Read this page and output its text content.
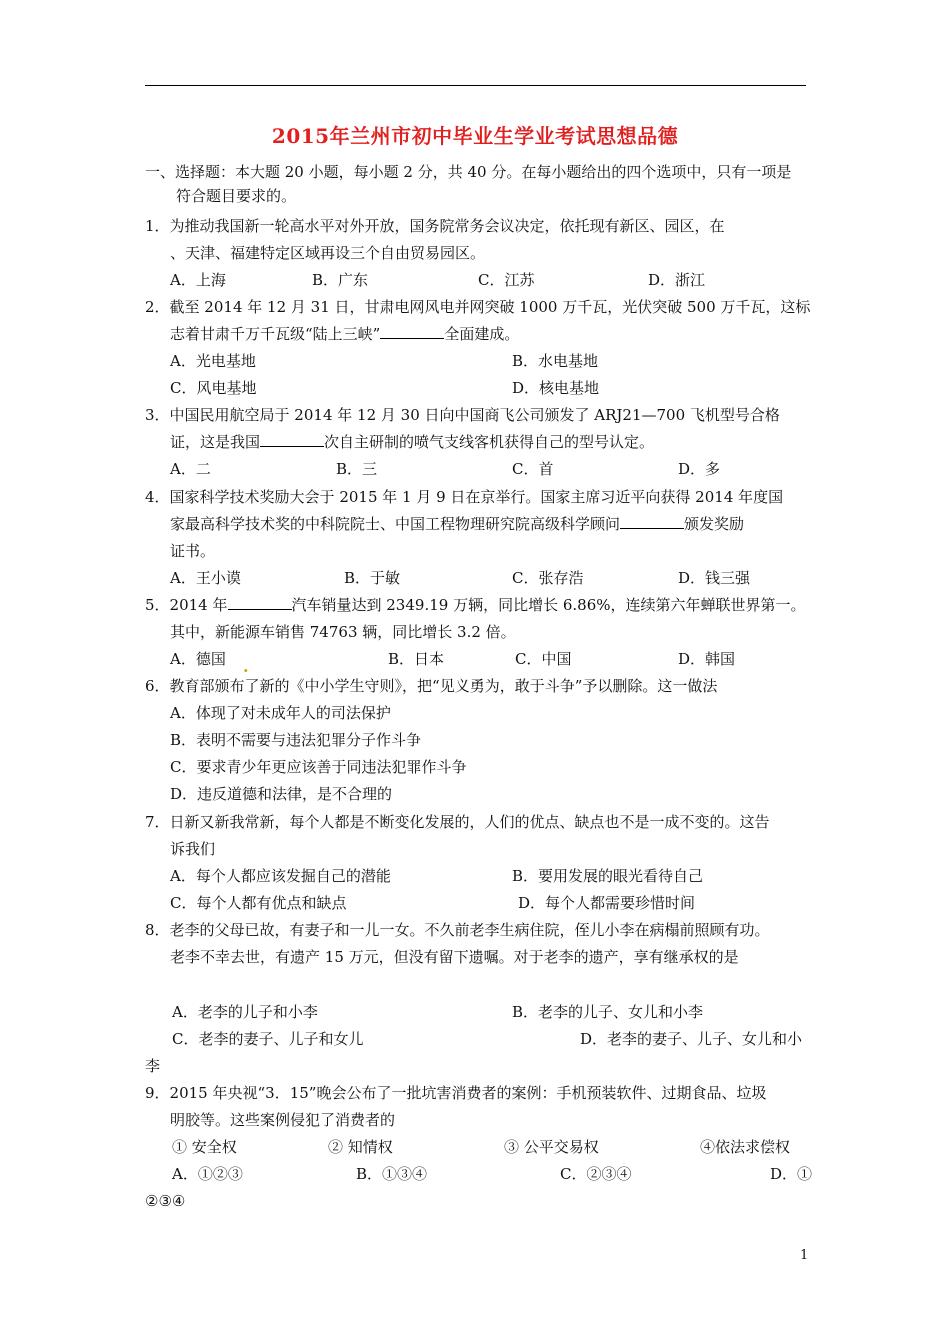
2015年兰州市初中毕业生学业考试思想品德
一、选择题：本大题 20 小题，每小题 2 分，共 40 分。在每小题给出的四个选项中，只有一项是
符合题目要求的。
1．为推动我国新一轮高水平对外开放，国务院常务会议决定，依托现有新区、园区，在
、天津、福建特定区域再设三个自由贸易园区。
A．上海	B．广东	C．江苏	D．浙江
2．截至 2014 年 12 月 31 日，甘肃电网风电并网突破 1000 万千瓦，光伏突破 500 万千瓦，这标
志着甘肃千万千瓦级“陆上三峡”	全面建成。
A．光电基地	B．水电基地
C．风电基地	D．核电基地
3．中国民用航空局于 2014 年 12 月 30 日向中国商飞公司颁发了 ARJ21—700 飞机型号合格
证，这是我国	次自主研制的喷气支线客机获得自己的型号认定。
A．二	B．三	C．首	D．多
4．国家科学技术奖励大会于 2015 年 1 月 9 日在京举行。国家主席习近平向获得 2014 年度国
家最高科学技术奖的中科院院士、中国工程物理研究院高级科学顾问	颁发奖励
证书。
A．王小谟	B．于敏	C．张存浩	D．钱三强
5．2014 年	汽车销量达到 2349.19 万辆，同比增长 6.86%，连续第六年蝉联世界第一。
其中，新能源车销售 74763 辆，同比增长 3.2 倍。
A．德国 .	B．日本	C．中国	D．韩国
6．教育部颁布了新的《中小学生守则》，把“见义勇为，敢于斗争”予以删除。这一做法
A．体现了对未成年人的司法保护
B．表明不需要与违法犯罪分子作斗争
C．要求青少年更应该善于同违法犯罪作斗争
D．违反道德和法律，是不合理的
7．日新又新我常新，每个人都是不断变化发展的，人们的优点、缺点也不是一成不变的。这告
诉我们
A．每个人都应该发掘自己的潜能	B．要用发展的眼光看待自己
C．每个人都有优点和缺点	D．每个人都需要珍惜时间
8．老李的父母已故，有妻子和一儿一女。不久前老李生病住院，侄儿小李在病榻前照顾有功。
老李不幸去世，有遗产 15 万元，但没有留下遗嘱。对于老李的遗产，享有继承权的是
A．老李的儿子和小李	B．老李的儿子、女儿和小李
C．老李的妻子、儿子和女儿	D．老李的妻子、儿子、女儿和小
李
9．2015 年央视“3．15”晚会公布了一批坑害消费者的案例：手机预装软件、过期食品、垃圾
明胶等。这些案例侵犯了消费者的
① 安全权	② 知情权	③ 公平交易权	④依法求偿权
A．①②③	B．①③④	C．②③④	D．①
②③④
1
